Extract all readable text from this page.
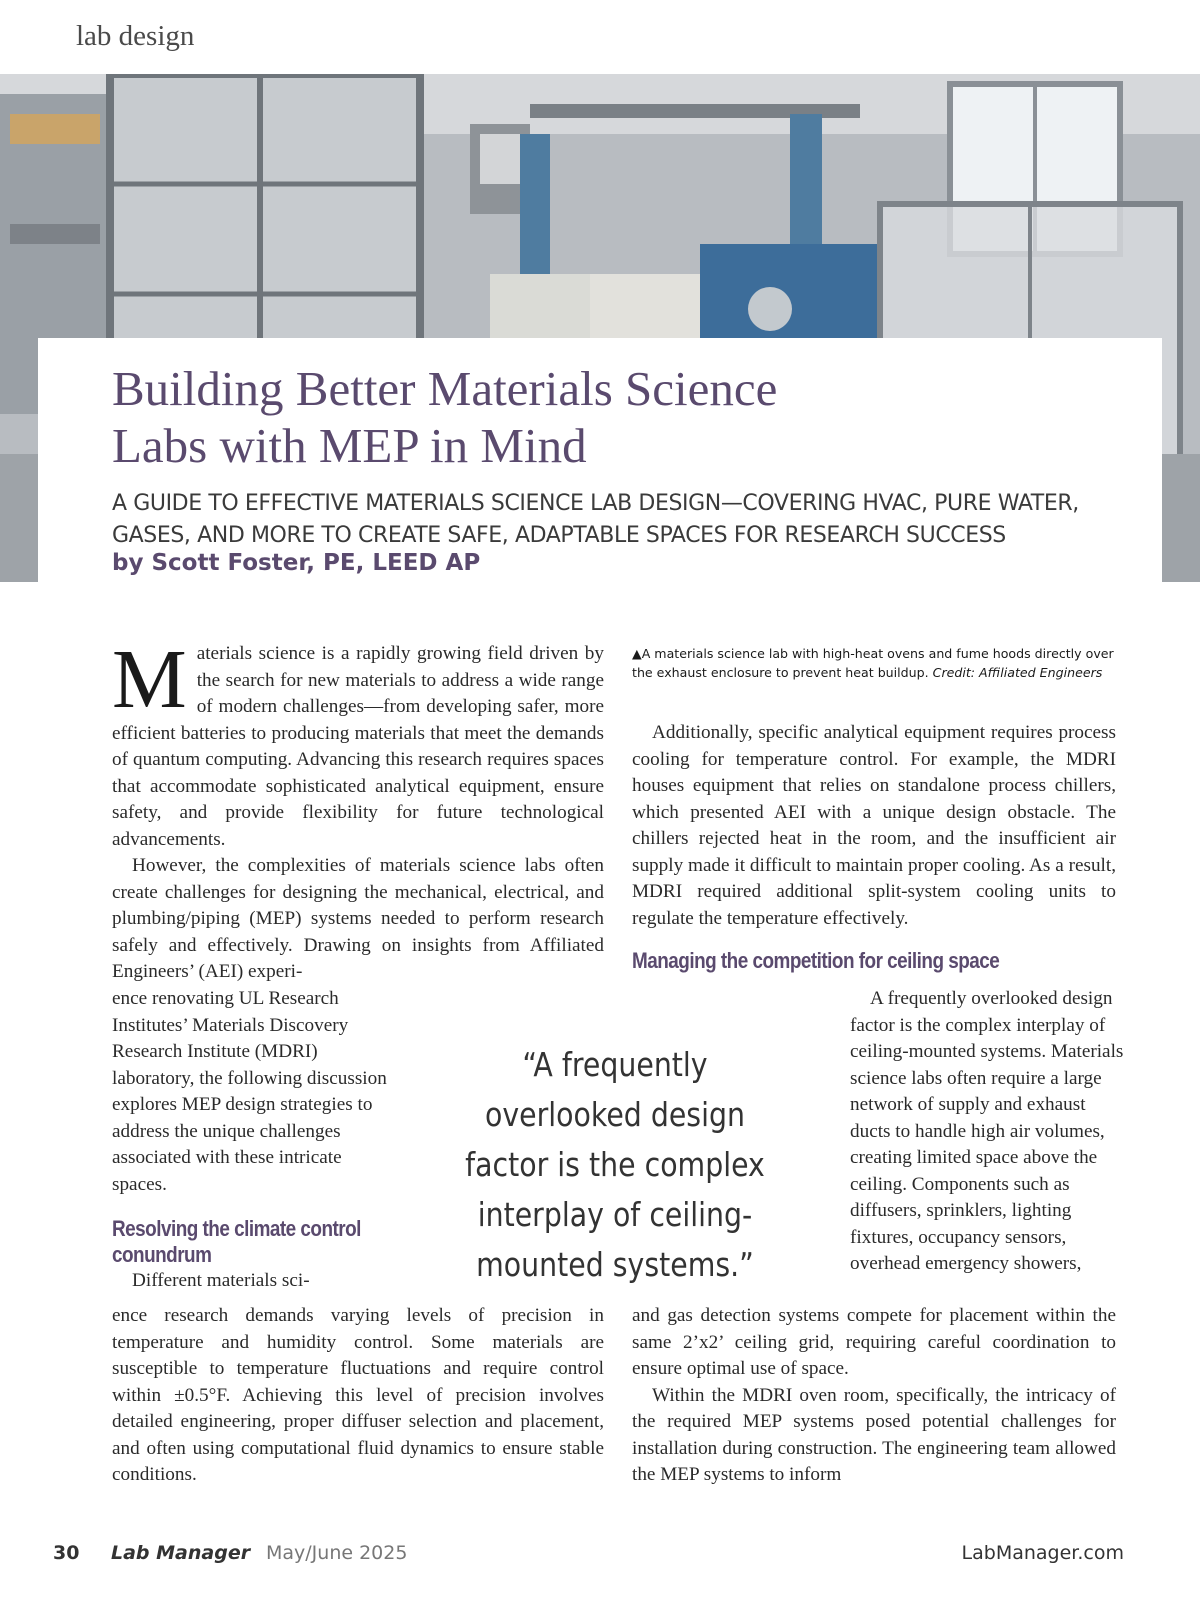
lab design
Building Better Materials Science
Labs with MEP in Mind

A GUIDE TO EFFECTIVE MATERIALS SCIENCE LAB DESIGN—COVERING HVAC, PURE WATER, GASES, AND MORE TO CREATE SAFE, ADAPTABLE SPACES FOR RESEARCH SUCCESS

by Scott Foster, PE, LEED AP

Materials science is a rapidly growing field driven by the search for new materials to address a wide range of modern challenges—from developing safer, more efficient batteries to producing materials that meet the demands of quantum computing. Advancing this research requires spaces that accommodate sophisticated analytical equipment, ensure safety, and provide flexibility for future technological advancements.

However, the complexities of materials science labs often create challenges for designing the mechanical, electrical, and plumbing/piping (MEP) systems needed to perform research safely and effectively. Drawing on insights from Affiliated Engineers’ (AEI) experi-

ence renovating UL Research Institutes’ Materials Discovery Research Institute (MDRI) laboratory, the following discussion explores MEP design strategies to address the unique challenges associated with these intricate spaces.

Resolving the climate control conundrum

Different materials sci-

ence research demands varying levels of precision in temperature and humidity control. Some materials are susceptible to temperature fluctuations and require control within ±0.5°F. Achieving this level of precision involves detailed engineering, proper diffuser selection and placement, and often using computational fluid dynamics to ensure stable conditions.

▲A materials science lab with high-heat ovens and fume hoods directly over the exhaust enclosure to prevent heat buildup. Credit: Affiliated Engineers

Additionally, specific analytical equipment requires process cooling for temperature control. For example, the MDRI houses equipment that relies on standalone process chillers, which presented AEI with a unique design obstacle. The chillers rejected heat in the room, and the insufficient air supply made it difficult to maintain proper cooling. As a result, MDRI required additional split-system cooling units to regulate the temperature effectively.

Managing the competition for ceiling space

A frequently overlooked design factor is the complex interplay of ceiling-mounted systems. Materials science labs often require a large network of supply and exhaust ducts to handle high air volumes, creating limited space above the ceiling. Components such as diffusers, sprinklers, lighting fixtures, occupancy sensors, overhead emergency showers,

and gas detection systems compete for placement within the same 2’x2’ ceiling grid, requiring careful coordination to ensure optimal use of space.

Within the MDRI oven room, specifically, the intricacy of the required MEP systems posed potential challenges for installation during construction. The engineering team allowed the MEP systems to inform

“A frequently overlooked design factor is the complex interplay of ceiling-mounted systems.”
30 Lab Manager May/June 2025	LabManager.com
